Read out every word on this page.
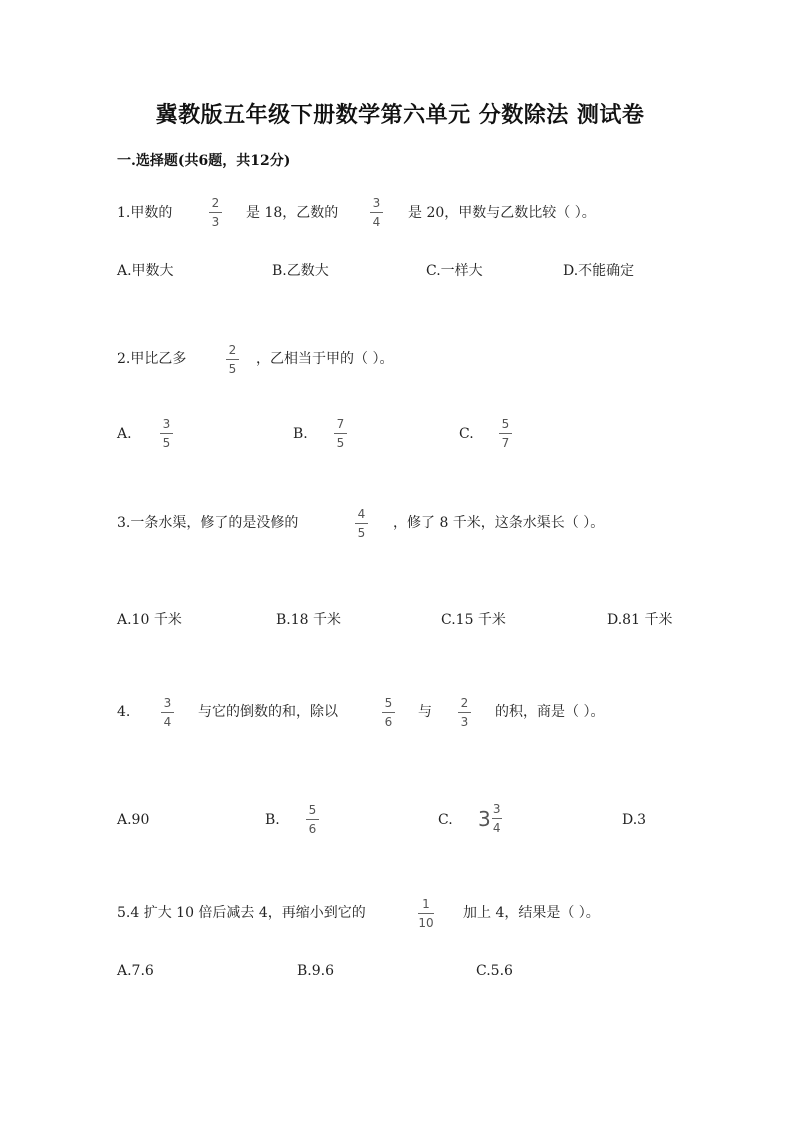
冀教版五年级下册数学第六单元 分数除法 测试卷
一.选择题(共6题，共12分)
1.甲数的
2
3
是 18，乙数的
3
4
是 20，甲数与乙数比较（ ）。
A.甲数大	B.乙数大	C.一样大	D.不能确定
2.甲比乙多
2
5
，乙相当于甲的（ ）。
A.
3
5
B.
7
5
C.
5
7
3.一条水渠，修了的是没修的
4
5
，修了 8 千米，这条水渠长（ ）。
A.10 千米	B.18 千米	C.15 千米	D.81 千米
4.
3
4
与它的倒数的和，除以
5
6
与
2
3
的积，商是（ ）。
A.90	B.
5
6
C. $3 \frac{3}{4}$	D.3
5.4 扩大 10 倍后减去 4，再缩小到它的
1
10
加上 4，结果是（ ）。
A.7.6	B.9.6	C.5.6
